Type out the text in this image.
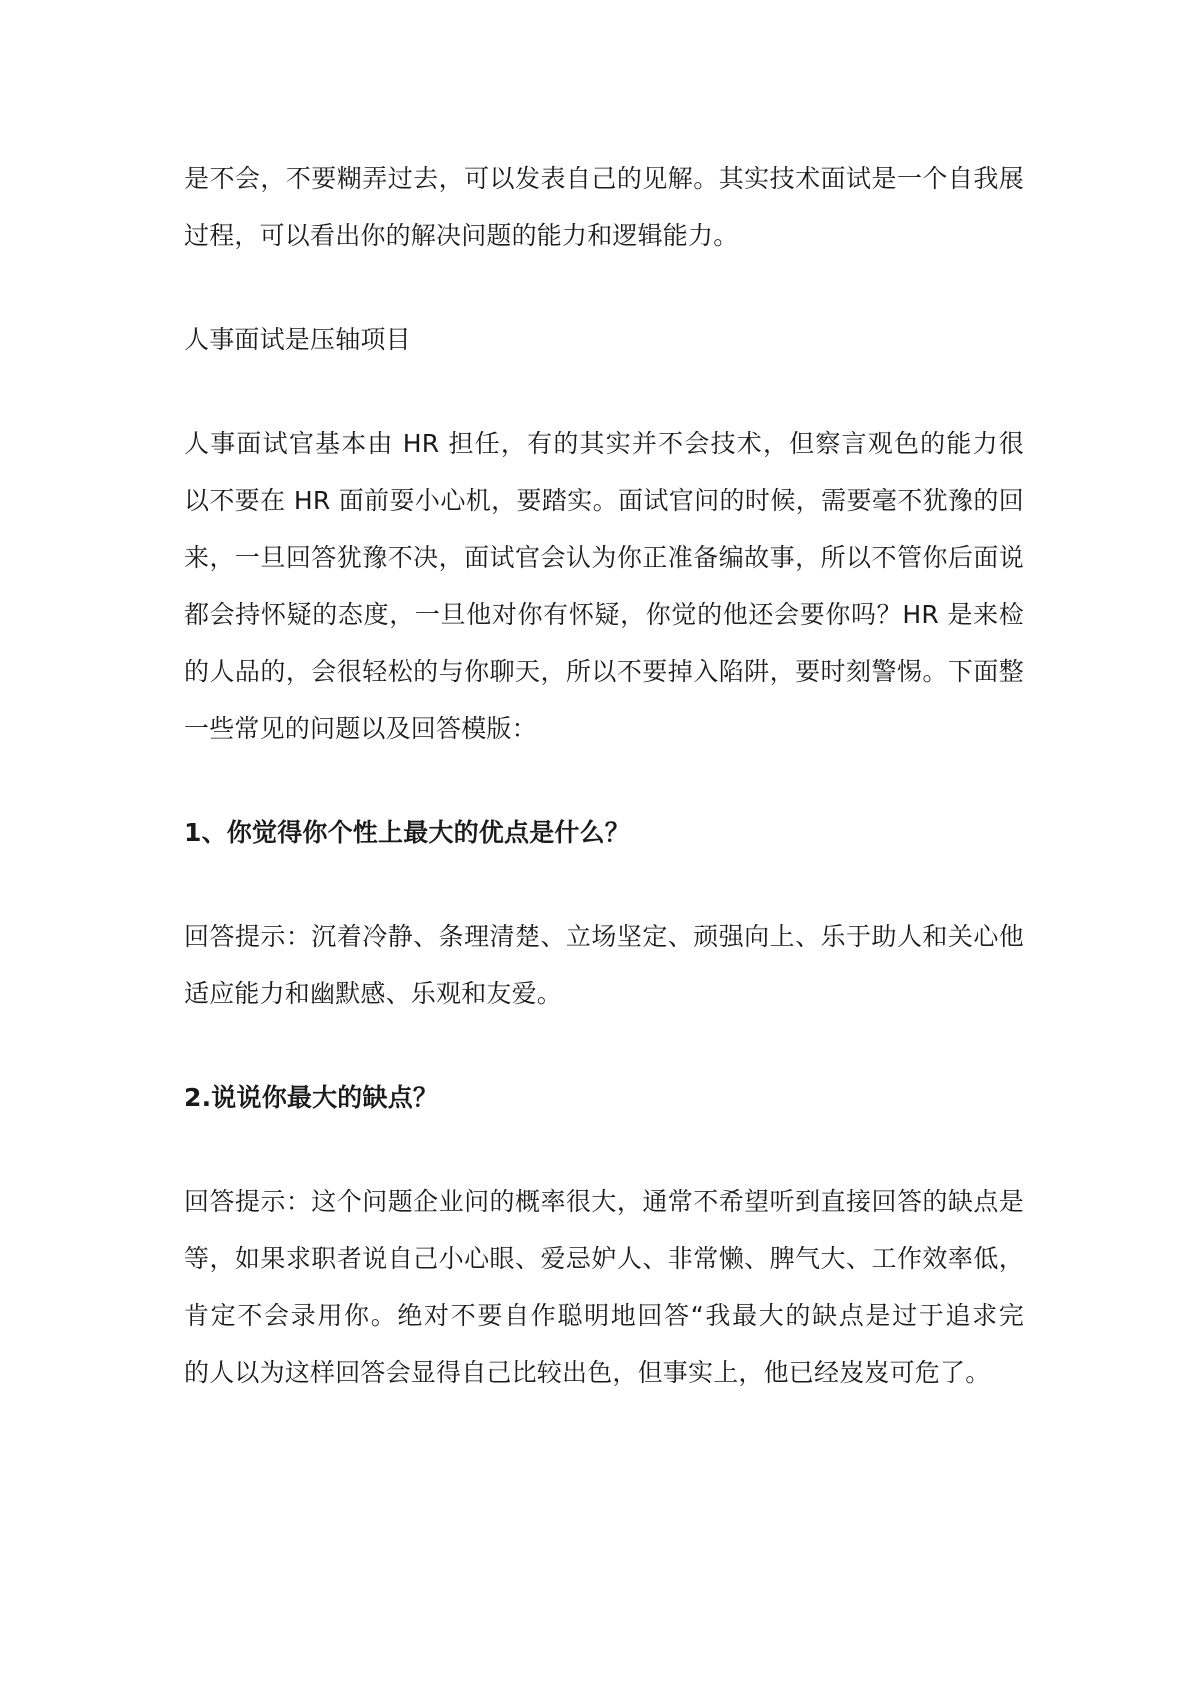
是不会，不要糊弄过去，可以发表自己的见解。其实技术面试是一个自我展
过程，可以看出你的解决问题的能力和逻辑能力。
人事面试是压轴项目
人事面试官基本由 HR 担任，有的其实并不会技术，但察言观色的能力很
以不要在 HR 面前耍小心机，要踏实。面试官问的时候，需要毫不犹豫的回
来，一旦回答犹豫不决，面试官会认为你正准备编故事，所以不管你后面说
都会持怀疑的态度，一旦他对你有怀疑，你觉的他还会要你吗？HR 是来检
的人品的，会很轻松的与你聊天，所以不要掉入陷阱，要时刻警惕。下面整
一些常见的问题以及回答模版：
1、你觉得你个性上最大的优点是什么？
回答提示：沉着冷静、条理清楚、立场坚定、顽强向上、乐于助人和关心他
适应能力和幽默感、乐观和友爱。
2.说说你最大的缺点？
回答提示：这个问题企业问的概率很大，通常不希望听到直接回答的缺点是
等，如果求职者说自己小心眼、爱忌妒人、非常懒、脾气大、工作效率低，
肯定不会录用你。绝对不要自作聪明地回答“我最大的缺点是过于追求完
的人以为这样回答会显得自己比较出色，但事实上，他已经岌岌可危了。
